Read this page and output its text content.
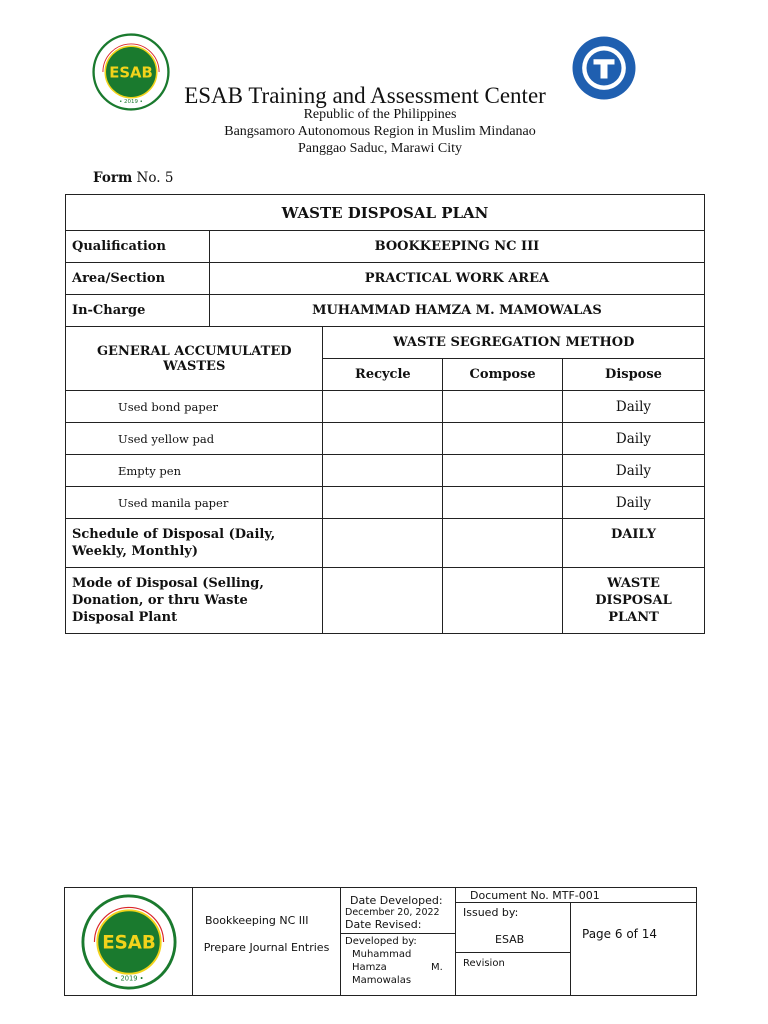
ESAB
• 2019 •	ESAB Training and Assessment Center
Republic of the Philippines
Bangsamoro Autonomous Region in Muslim Mindanao
Panggao Saduc, Marawi City
Form No. 5
WASTE DISPOSAL PLAN				
Qualification	BOOKKEEPING NC III			
Area/Section	PRACTICAL WORK AREA			
In-Charge	MUHAMMAD HAMZA M. MAMOWALAS			
GENERAL ACCUMULATED WASTES		WASTE SEGREGATION METHOD		
		Recycle	Compose	Dispose
Used bond paper				Daily
Used yellow pad				Daily
Empty pen				Daily
Used manila paper				Daily
Schedule of Disposal (Daily, Weekly, Monthly)				DAILY
Mode of Disposal (Selling, Donation, or thru Waste Disposal Plant				WASTE DISPOSAL PLANT
ESAB
• 2019 •
Bookkeeping NC III
Prepare Journal Entries
Date Developed:
December 20, 2022
Date Revised:
Developed by:
Muhammad
Hamza	M.
Mamowalas
Document No. MTF-001
Issued by:
ESAB
Revision
Page 6 of 14
